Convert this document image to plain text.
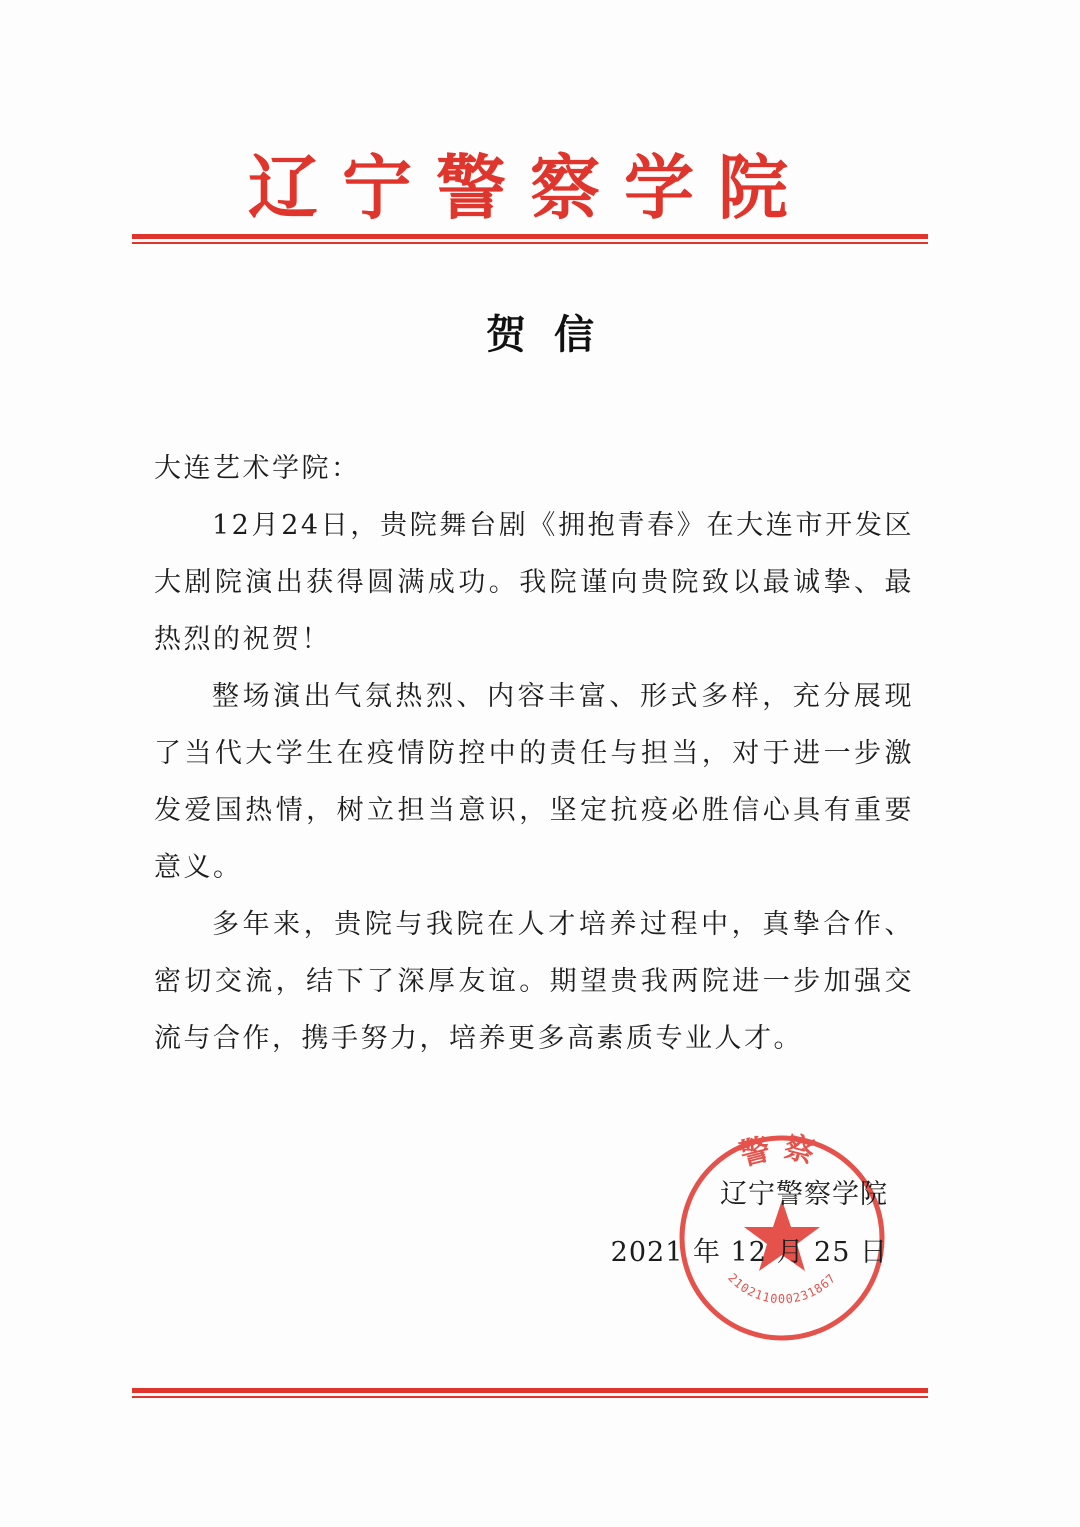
辽宁警察学院
贺信

大连艺术学院：

12月24日，贵院舞台剧《拥抱青春》在大连市开发区大剧院演出获得圆满成功。我院谨向贵院致以最诚挚、最热烈的祝贺！

整场演出气氛热烈、内容丰富、形式多样，充分展现了当代大学生在疫情防控中的责任与担当，对于进一步激发爱国热情，树立担当意识，坚定抗疫必胜信心具有重要意义。

多年来，贵院与我院在人才培养过程中，真挚合作、密切交流，结下了深厚友谊。期望贵我两院进一步加强交流与合作，携手努力，培养更多高素质专业人才。

警察
2102110002318​67
辽宁警察学院
2021 年 12 月 25 日
